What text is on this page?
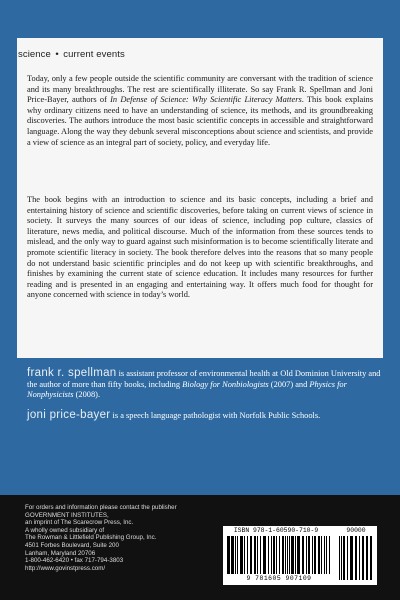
science • current events

Today, only a few people outside the scientific community are conversant with the tradition of science and its many breakthroughs. The rest are scientifically illiterate. So say Frank R. Spellman and Joni Price-Bayer, authors of In Defense of Science: Why Scientific Literacy Matters. This book explains why ordinary citizens need to have an understanding of science, its methods, and its groundbreaking discoveries. The authors introduce the most basic scientific concepts in accessible and straightforward language. Along the way they debunk several misconceptions about science and scientists, and provide a view of science as an integral part of society, policy, and everyday life.

The book begins with an introduction to science and its basic concepts, including a brief and entertaining history of science and scientific discoveries, before taking on current views of science in society. It surveys the many sources of our ideas of science, including pop culture, classics of literature, news media, and political discourse. Much of the information from these sources tends to mislead, and the only way to guard against such misinformation is to become scientifically literate and promote scientific literacy in society. The book therefore delves into the reasons that so many people do not understand basic scientific principles and do not keep up with scientific breakthroughs, and finishes by examining the current state of science education. It includes many resources for further reading and is presented in an engaging and entertaining way. It offers much food for thought for anyone concerned with science in today’s world.

frank r. spellman is assistant professor of environmental health at Old Dominion University and the author of more than fifty books, including Biology for Nonbiologists (2007) and Physics for Nonphysicists (2008).

joni price-bayer is a speech language pathologist with Norfolk Public Schools.

For orders and information please contact the publisher
GOVERNMENT INSTITUTES,
an imprint of The Scarecrow Press, Inc.
A wholly owned subsidiary of
The Rowman & Littlefield Publishing Group, Inc.
4501 Forbes Boulevard, Suite 200
Lanham, Maryland 20706
1-800-462-6420 • fax 717-794-3803
http://www.govinstpress.com/
ISBN 978-1-60590-710-9	90000
9 781605 907109
